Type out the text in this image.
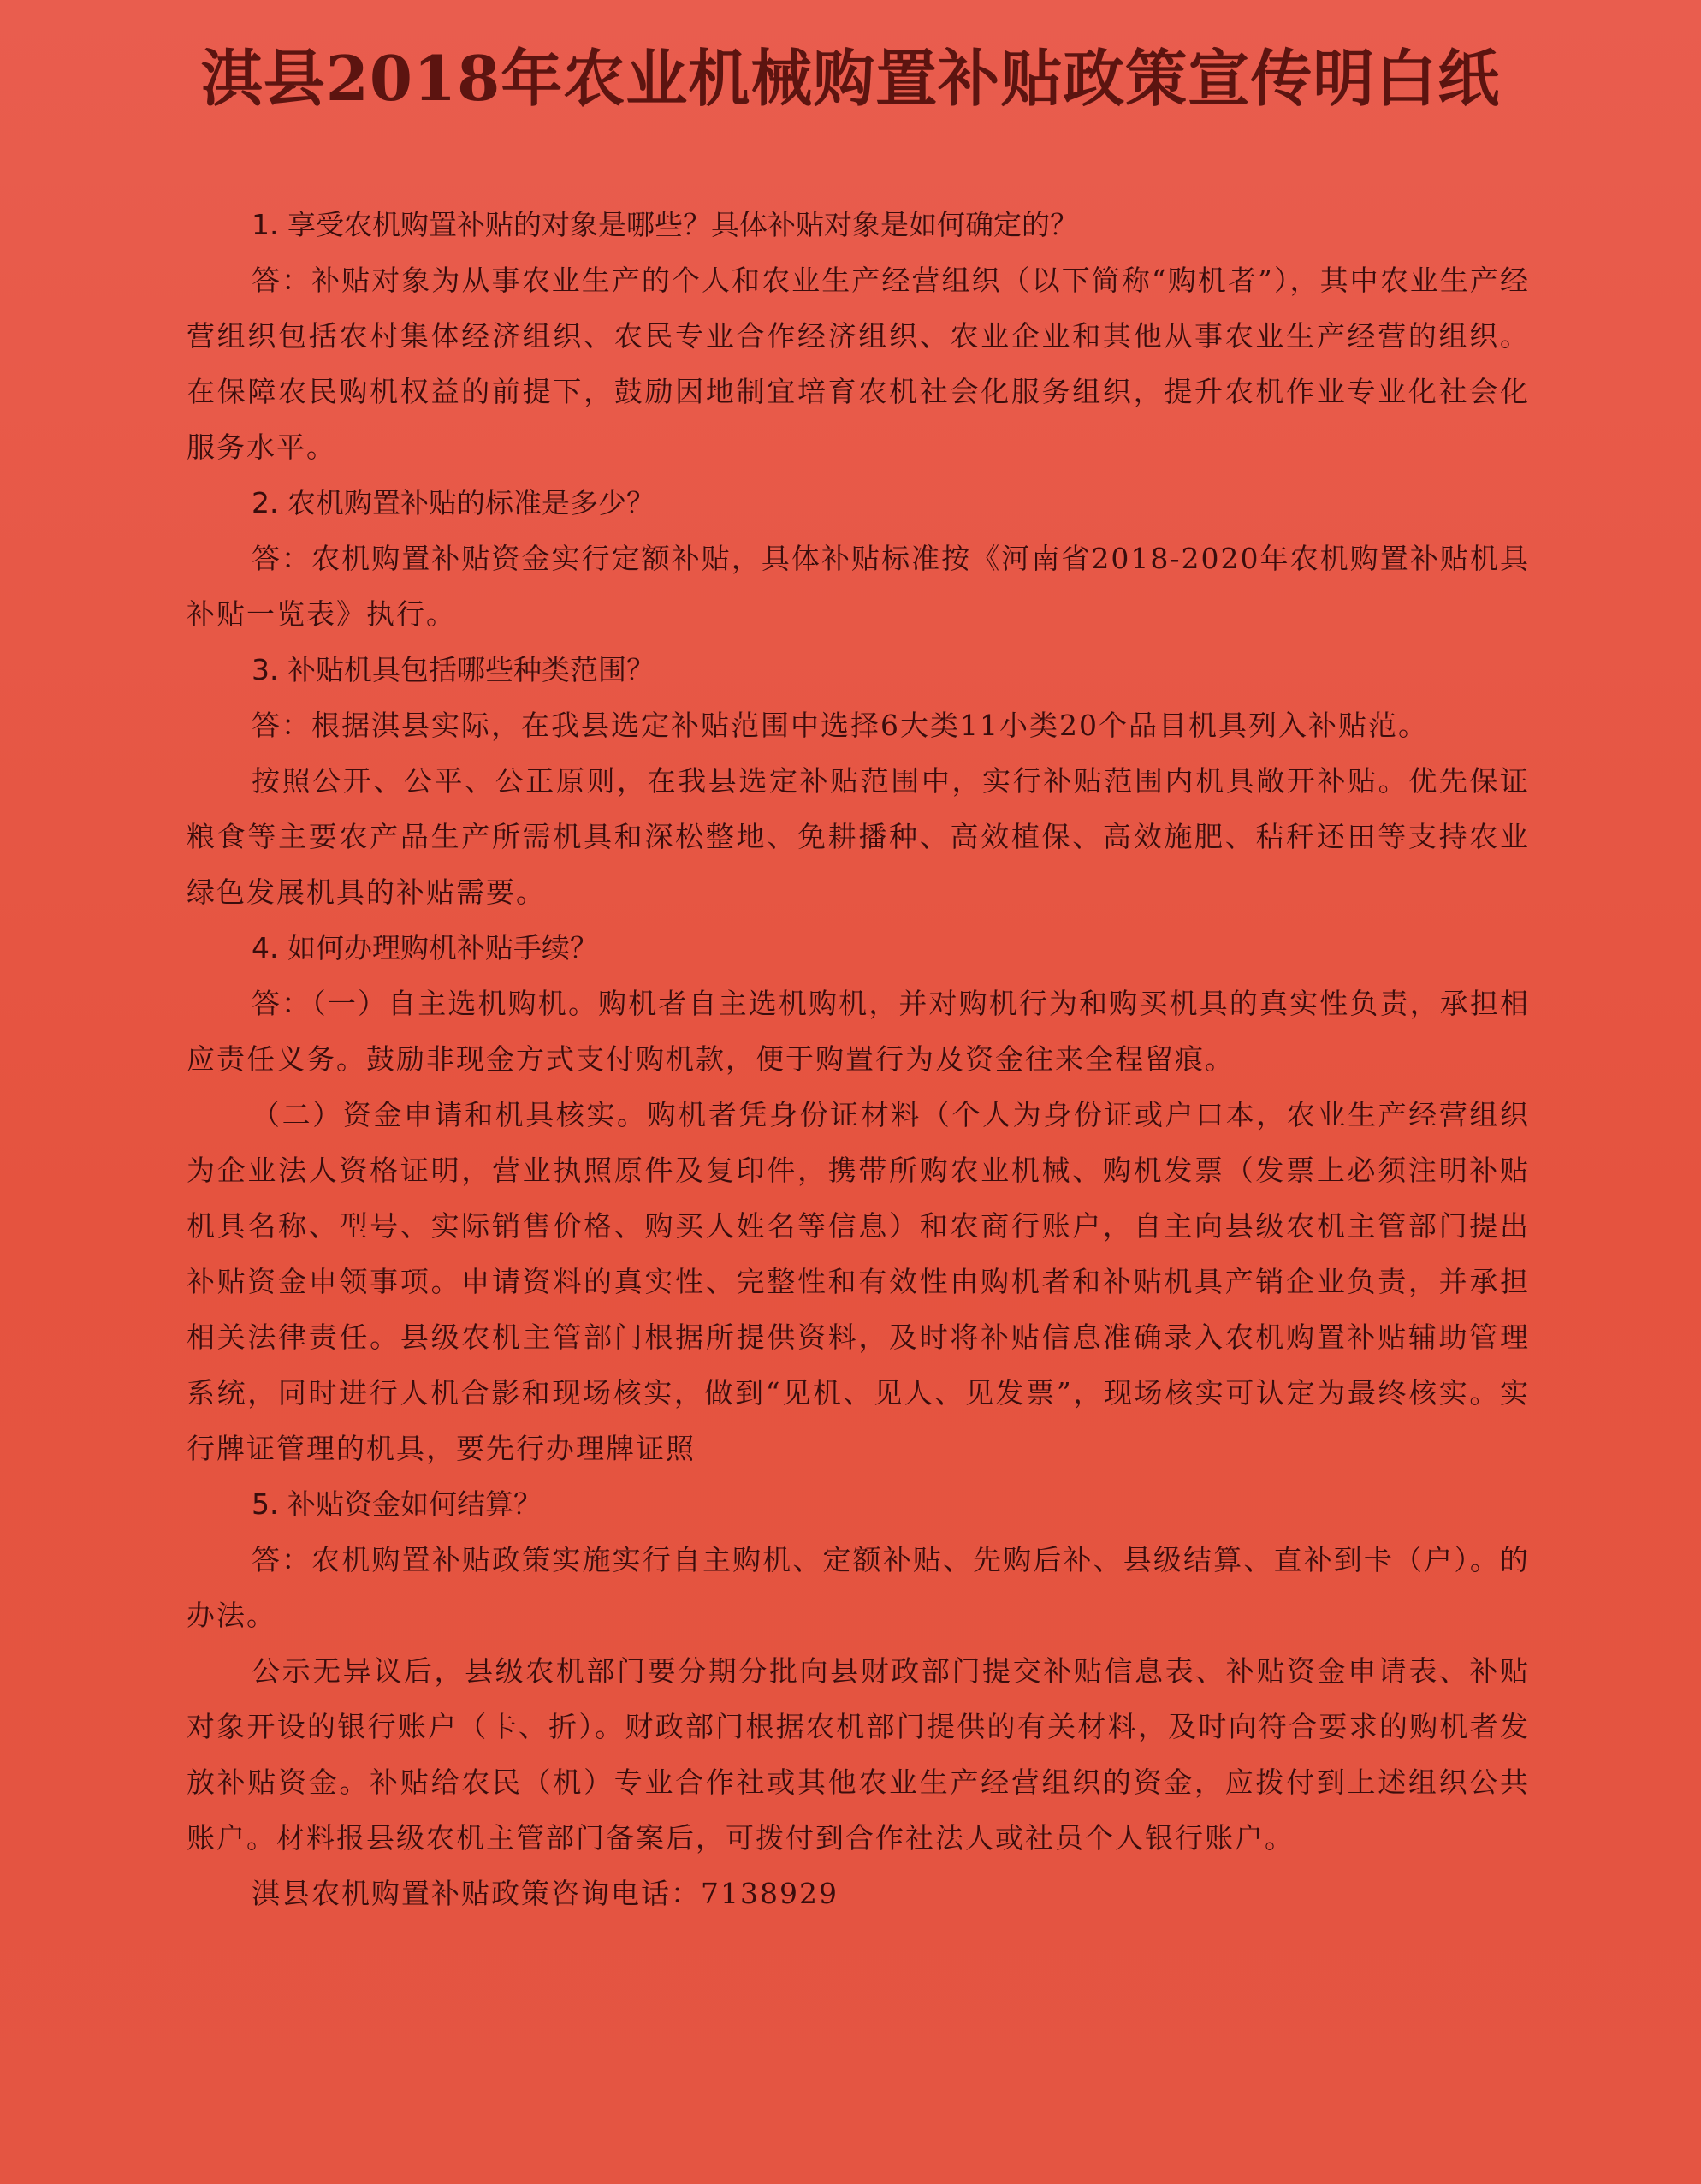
淇县2018年农业机械购置补贴政策宣传明白纸

1. 享受农机购置补贴的对象是哪些？具体补贴对象是如何确定的？

答：补贴对象为从事农业生产的个人和农业生产经营组织（以下简称“购机者”），其中农业生产经营组织包括农村集体经济组织、农民专业合作经济组织、农业企业和其他从事农业生产经营的组织。在保障农民购机权益的前提下，鼓励因地制宜培育农机社会化服务组织，提升农机作业专业化社会化服务水平。

2. 农机购置补贴的标准是多少？

答：农机购置补贴资金实行定额补贴，具体补贴标准按《河南省2018-2020年农机购置补贴机具补贴一览表》执行。

3. 补贴机具包括哪些种类范围？

答：根据淇县实际，在我县选定补贴范围中选择6大类11小类20个品目机具列入补贴范。

按照公开、公平、公正原则，在我县选定补贴范围中，实行补贴范围内机具敞开补贴。优先保证粮食等主要农产品生产所需机具和深松整地、免耕播种、高效植保、高效施肥、秸秆还田等支持农业绿色发展机具的补贴需要。

4. 如何办理购机补贴手续？

答：（一）自主选机购机。购机者自主选机购机，并对购机行为和购买机具的真实性负责，承担相应责任义务。鼓励非现金方式支付购机款，便于购置行为及资金往来全程留痕。

（二）资金申请和机具核实。购机者凭身份证材料（个人为身份证或户口本，农业生产经营组织为企业法人资格证明，营业执照原件及复印件，携带所购农业机械、购机发票（发票上必须注明补贴机具名称、型号、实际销售价格、购买人姓名等信息）和农商行账户，自主向县级农机主管部门提出补贴资金申领事项。申请资料的真实性、完整性和有效性由购机者和补贴机具产销企业负责，并承担相关法律责任。县级农机主管部门根据所提供资料，及时将补贴信息准确录入农机购置补贴辅助管理系统，同时进行人机合影和现场核实，做到“见机、见人、见发票”，现场核实可认定为最终核实。实行牌证管理的机具，要先行办理牌证照

5. 补贴资金如何结算？

答：农机购置补贴政策实施实行自主购机、定额补贴、先购后补、县级结算、直补到卡（户）。的办法。

公示无异议后，县级农机部门要分期分批向县财政部门提交补贴信息表、补贴资金申请表、补贴对象开设的银行账户（卡、折）。财政部门根据农机部门提供的有关材料，及时向符合要求的购机者发放补贴资金。补贴给农民（机）专业合作社或其他农业生产经营组织的资金，应拨付到上述组织公共账户。材料报县级农机主管部门备案后，可拨付到合作社法人或社员个人银行账户。

淇县农机购置补贴政策咨询电话：7138929
